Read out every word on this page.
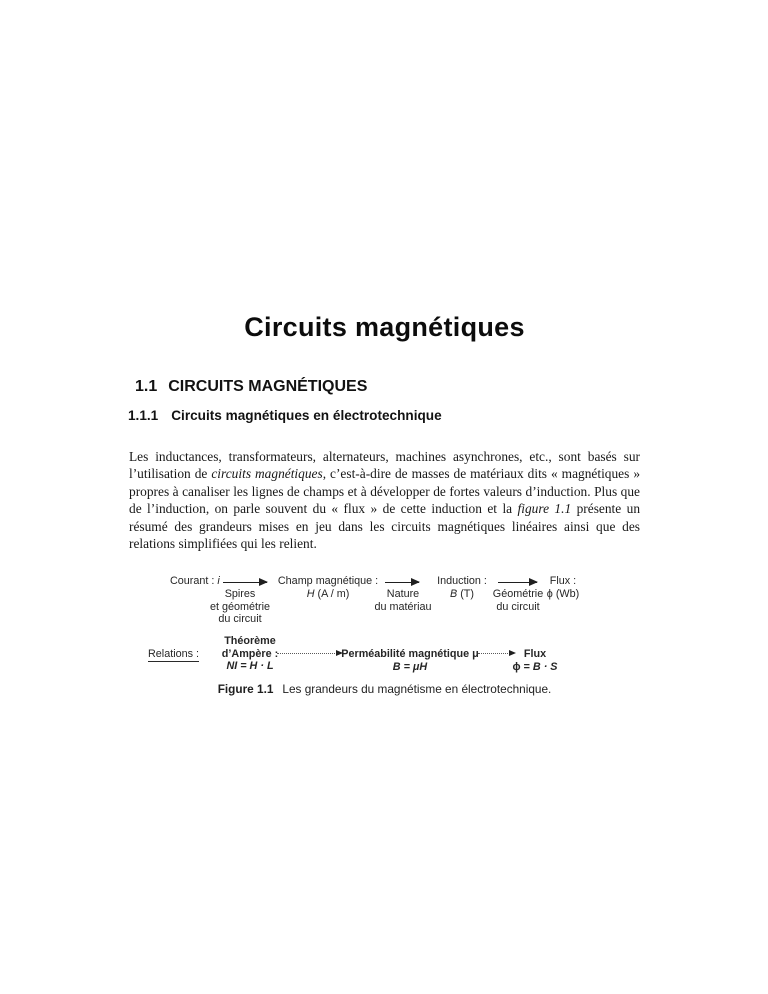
Circuits magnétiques
1.1 CIRCUITS MAGNÉTIQUES
1.1.1 Circuits magnétiques en électrotechnique

Les inductances, transformateurs, alternateurs, machines asynchrones, etc., sont basés sur l’utilisation de circuits magnétiques, c’est-à-dire de masses de matériaux dits « magnétiques » propres à canaliser les lignes de champs et à développer de fortes valeurs d’induction. Plus que de l’induction, on parle souvent du « flux » de cette induction et la figure 1.1 présente un résumé des grandeurs mises en jeu dans les circuits magnétiques linéaires ainsi que des relations simplifiées qui les relient.

Courant : i
Spires
et géométrie
du circuit
Champ magnétique :
H (A / m)	Nature
du matériau
Induction :
B (T)	Géométrie
du circuit
Flux :
ϕ (Wb)
Relations :
Théorème
d’Ampère :
NI = H · L
Perméabilité magnétique μ
B = μH
Flux
ϕ = B · S
Figure 1.1 Les grandeurs du magnétisme en électrotechnique.
